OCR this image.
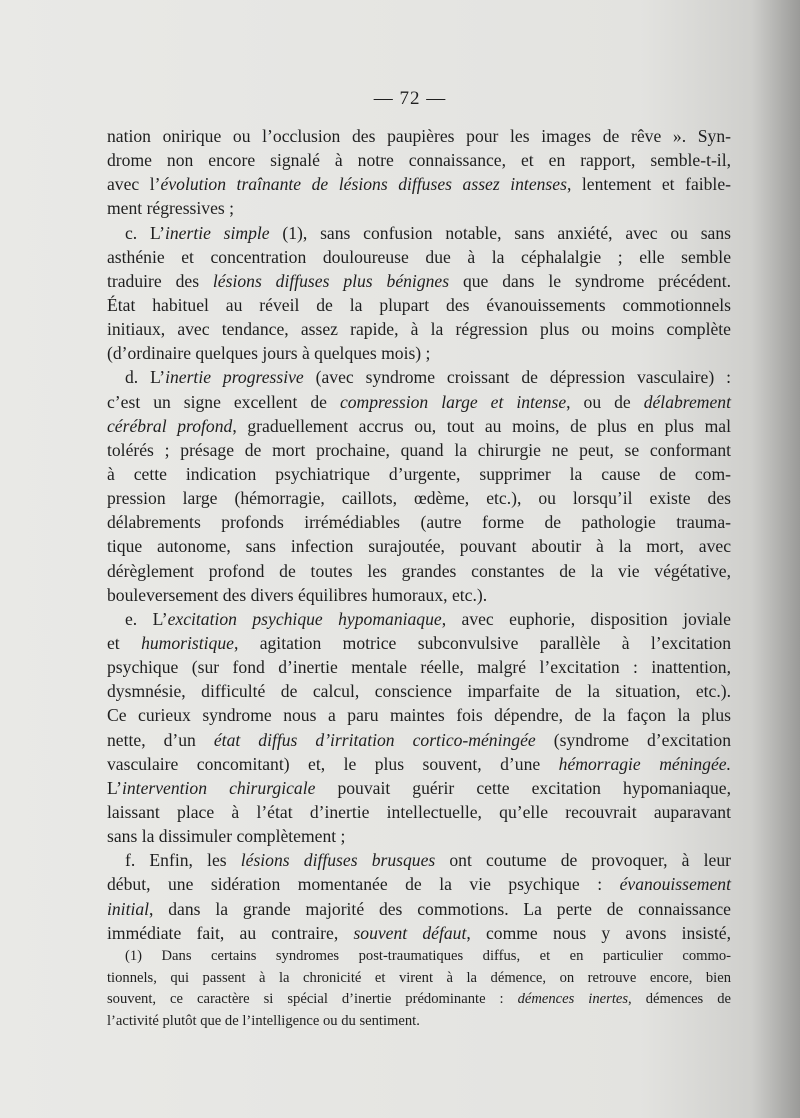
— 72 —
nation onirique ou l’occlusion des paupières pour les images de rêve ». Syn-
drome non encore signalé à notre connaissance, et en rapport, semble-t-il,
avec l’évolution traînante de lésions diffuses assez intenses, lentement et faible-
ment régressives ;
c. L’inertie simple (1), sans confusion notable, sans anxiété, avec ou sans
asthénie et concentration douloureuse due à la céphalalgie ; elle semble
traduire des lésions diffuses plus bénignes que dans le syndrome précédent.
État habituel au réveil de la plupart des évanouissements commotionnels
initiaux, avec tendance, assez rapide, à la régression plus ou moins complète
(d’ordinaire quelques jours à quelques mois) ;
d. L’inertie progressive (avec syndrome croissant de dépression vasculaire) :
c’est un signe excellent de compression large et intense, ou de délabrement
cérébral profond, graduellement accrus ou, tout au moins, de plus en plus mal
tolérés ; présage de mort prochaine, quand la chirurgie ne peut, se conformant
à cette indication psychiatrique d’urgente, supprimer la cause de com-
pression large (hémorragie, caillots, œdème, etc.), ou lorsqu’il existe des
délabrements profonds irrémédiables (autre forme de pathologie trauma-
tique autonome, sans infection surajoutée, pouvant aboutir à la mort, avec
dérèglement profond de toutes les grandes constantes de la vie végétative,
bouleversement des divers équilibres humoraux, etc.).
e. L’excitation psychique hypomaniaque, avec euphorie, disposition joviale
et humoristique, agitation motrice subconvulsive parallèle à l’excitation
psychique (sur fond d’inertie mentale réelle, malgré l’excitation : inattention,
dysmnésie, difficulté de calcul, conscience imparfaite de la situation, etc.).
Ce curieux syndrome nous a paru maintes fois dépendre, de la façon la plus
nette, d’un état diffus d’irritation cortico-méningée (syndrome d’excitation
vasculaire concomitant) et, le plus souvent, d’une hémorragie méningée.
L’intervention chirurgicale pouvait guérir cette excitation hypomaniaque,
laissant place à l’état d’inertie intellectuelle, qu’elle recouvrait auparavant
sans la dissimuler complètement ;
f. Enfin, les lésions diffuses brusques ont coutume de provoquer, à leur
début, une sidération momentanée de la vie psychique : évanouissement
initial, dans la grande majorité des commotions. La perte de connaissance
immédiate fait, au contraire, souvent défaut, comme nous y avons insisté,
(1) Dans certains syndromes post-traumatiques diffus, et en particulier commo-
tionnels, qui passent à la chronicité et virent à la démence, on retrouve encore, bien
souvent, ce caractère si spécial d’inertie prédominante : démences inertes, démences de
l’activité plutôt que de l’intelligence ou du sentiment.
